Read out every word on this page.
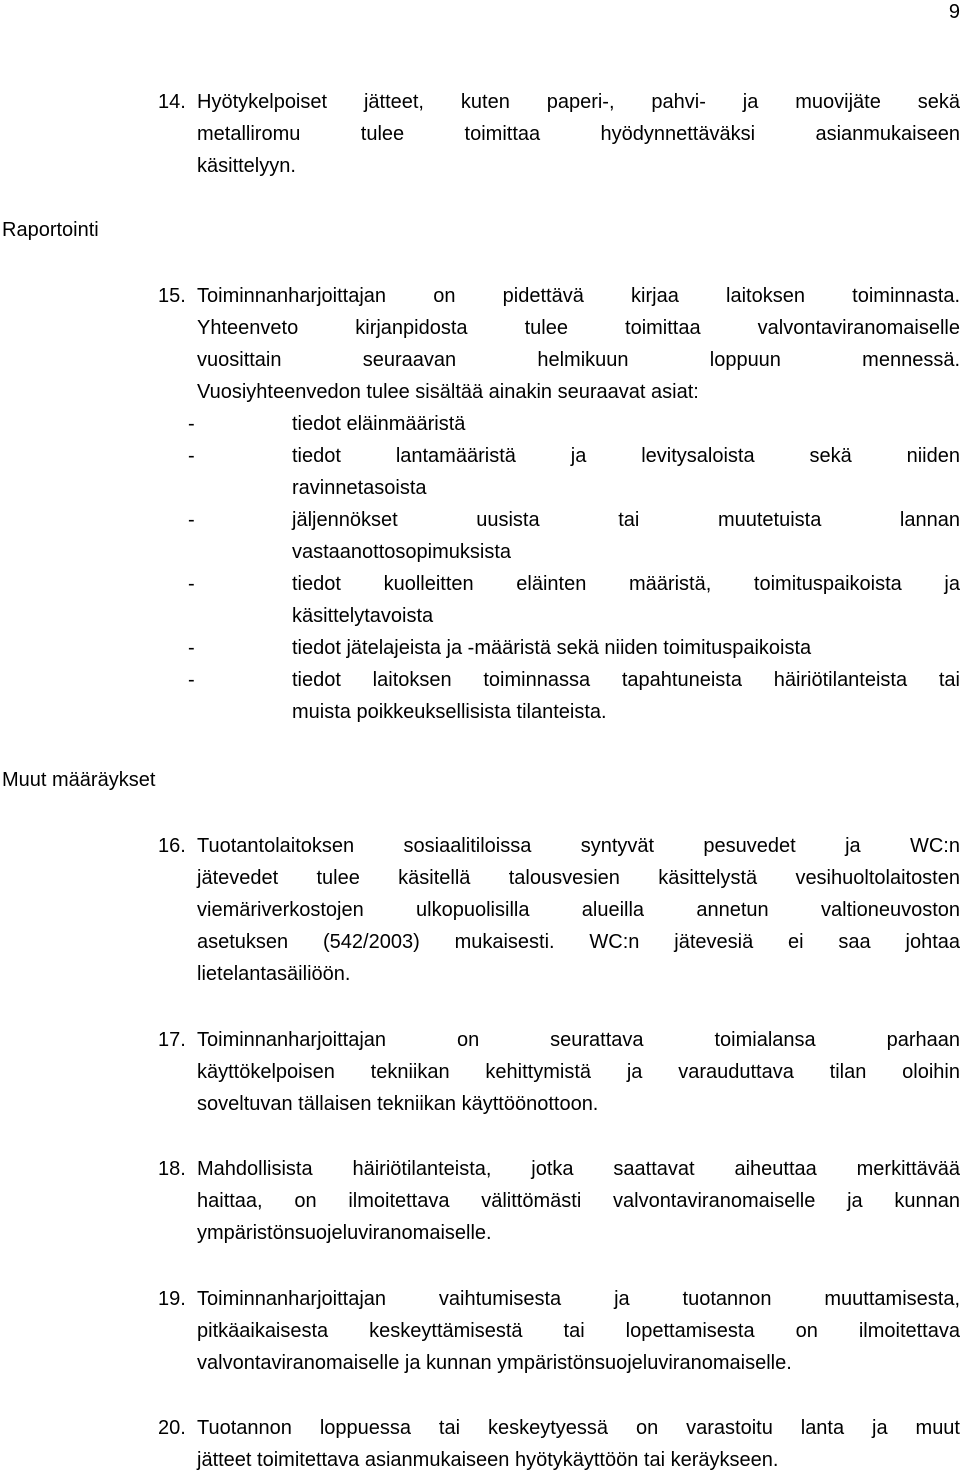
9
Raportointi
Muut määräykset
14. Hyötykelpoiset jätteet, kuten paperi-, pahvi- ja muovijäte sekä
metalliromu tulee toimittaa hyödynnettäväksi asianmukaiseen
käsittelyyn.
15. Toiminnanharjoittajan on pidettävä kirjaa laitoksen toiminnasta.
Yhteenveto kirjanpidosta tulee toimittaa valvontaviranomaiselle
vuosittain seuraavan helmikuun loppuun mennessä.
Vuosiyhteenvedon tulee sisältää ainakin seuraavat asiat:
-	tiedot eläinmääristä
-	tiedot lantamääristä ja levitysaloista sekä niiden
ravinnetasoista
-	jäljennökset uusista tai muutetuista lannan
vastaanottosopimuksista
-	tiedot kuolleitten eläinten määristä, toimituspaikoista ja
käsittelytavoista
-	tiedot jätelajeista ja -määristä sekä niiden toimituspaikoista
-	tiedot laitoksen toiminnassa tapahtuneista häiriötilanteista tai
muista poikkeuksellisista tilanteista.
16. Tuotantolaitoksen sosiaalitiloissa syntyvät pesuvedet ja WC:n
jätevedet tulee käsitellä talousvesien käsittelystä vesihuoltolaitosten
viemäriverkostojen ulkopuolisilla alueilla annetun valtioneuvoston
asetuksen (542/2003) mukaisesti. WC:n jätevesiä ei saa johtaa
lietelantasäiliöön.
17. Toiminnanharjoittajan on seurattava toimialansa parhaan
käyttökelpoisen tekniikan kehittymistä ja varauduttava tilan oloihin
soveltuvan tällaisen tekniikan käyttöönottoon.
18. Mahdollisista häiriötilanteista, jotka saattavat aiheuttaa merkittävää
haittaa, on ilmoitettava välittömästi valvontaviranomaiselle ja kunnan
ympäristönsuojeluviranomaiselle.
19. Toiminnanharjoittajan vaihtumisesta ja tuotannon muuttamisesta,
pitkäaikaisesta keskeyttämisestä tai lopettamisesta on ilmoitettava
valvontaviranomaiselle ja kunnan ympäristönsuojeluviranomaiselle.
20. Tuotannon loppuessa tai keskeytyessä on varastoitu lanta ja muut
jätteet toimitettava asianmukaiseen hyötykäyttöön tai keräykseen.
